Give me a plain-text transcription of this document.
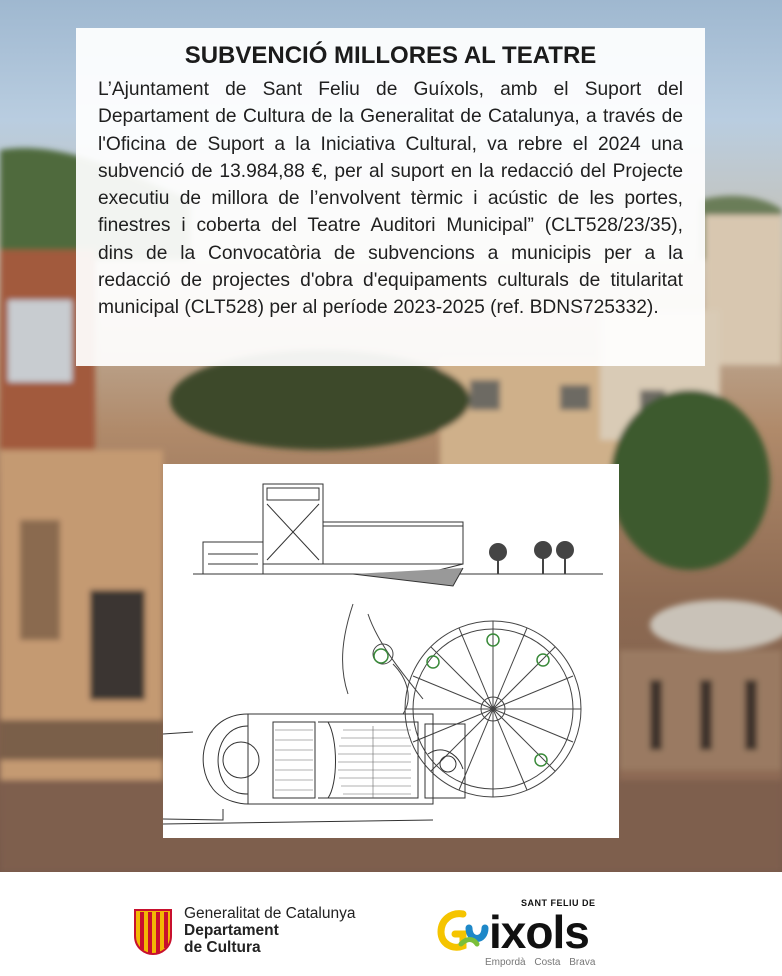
SUBVENCIÓ MILLORES AL TEATRE

L’Ajuntament de Sant Feliu de Guíxols, amb el Suport del Departament de Cultura de la Generalitat de Catalunya, a través de l'Oficina de Suport a la Iniciativa Cultural, va rebre el 2024 una subvenció de 13.984,88 €, per al suport en la redacció del Projecte executiu de millora de l’envolvent tèrmic i acústic de les portes, finestres i coberta del Teatre Auditori Municipal” (CLT528/23/35), dins de la Convocatòria de subvencions a municipis per a la redacció de projectes d'obra d'equipaments culturals de titularitat municipal (CLT528) per al període 2023-2025 (ref. BDNS725332).

Generalitat de Catalunya
Departament
de Cultura
SANT FELIU DE
ixols
Empordà Costa Brava
